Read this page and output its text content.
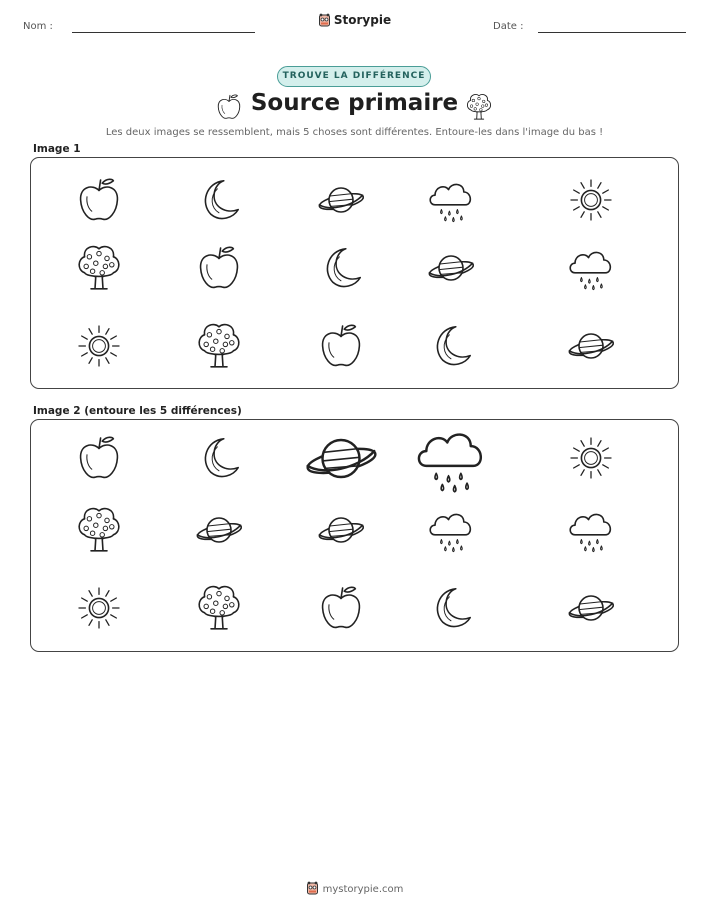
Nom :	Storypie	Date :
TROUVE LA DIFFÉRENCE
Source primaire
Les deux images se ressemblent, mais 5 choses sont différentes. Entoure-les dans l'image du bas !
Image 1
Image 2 (entoure les 5 différences)
mystorypie.com
